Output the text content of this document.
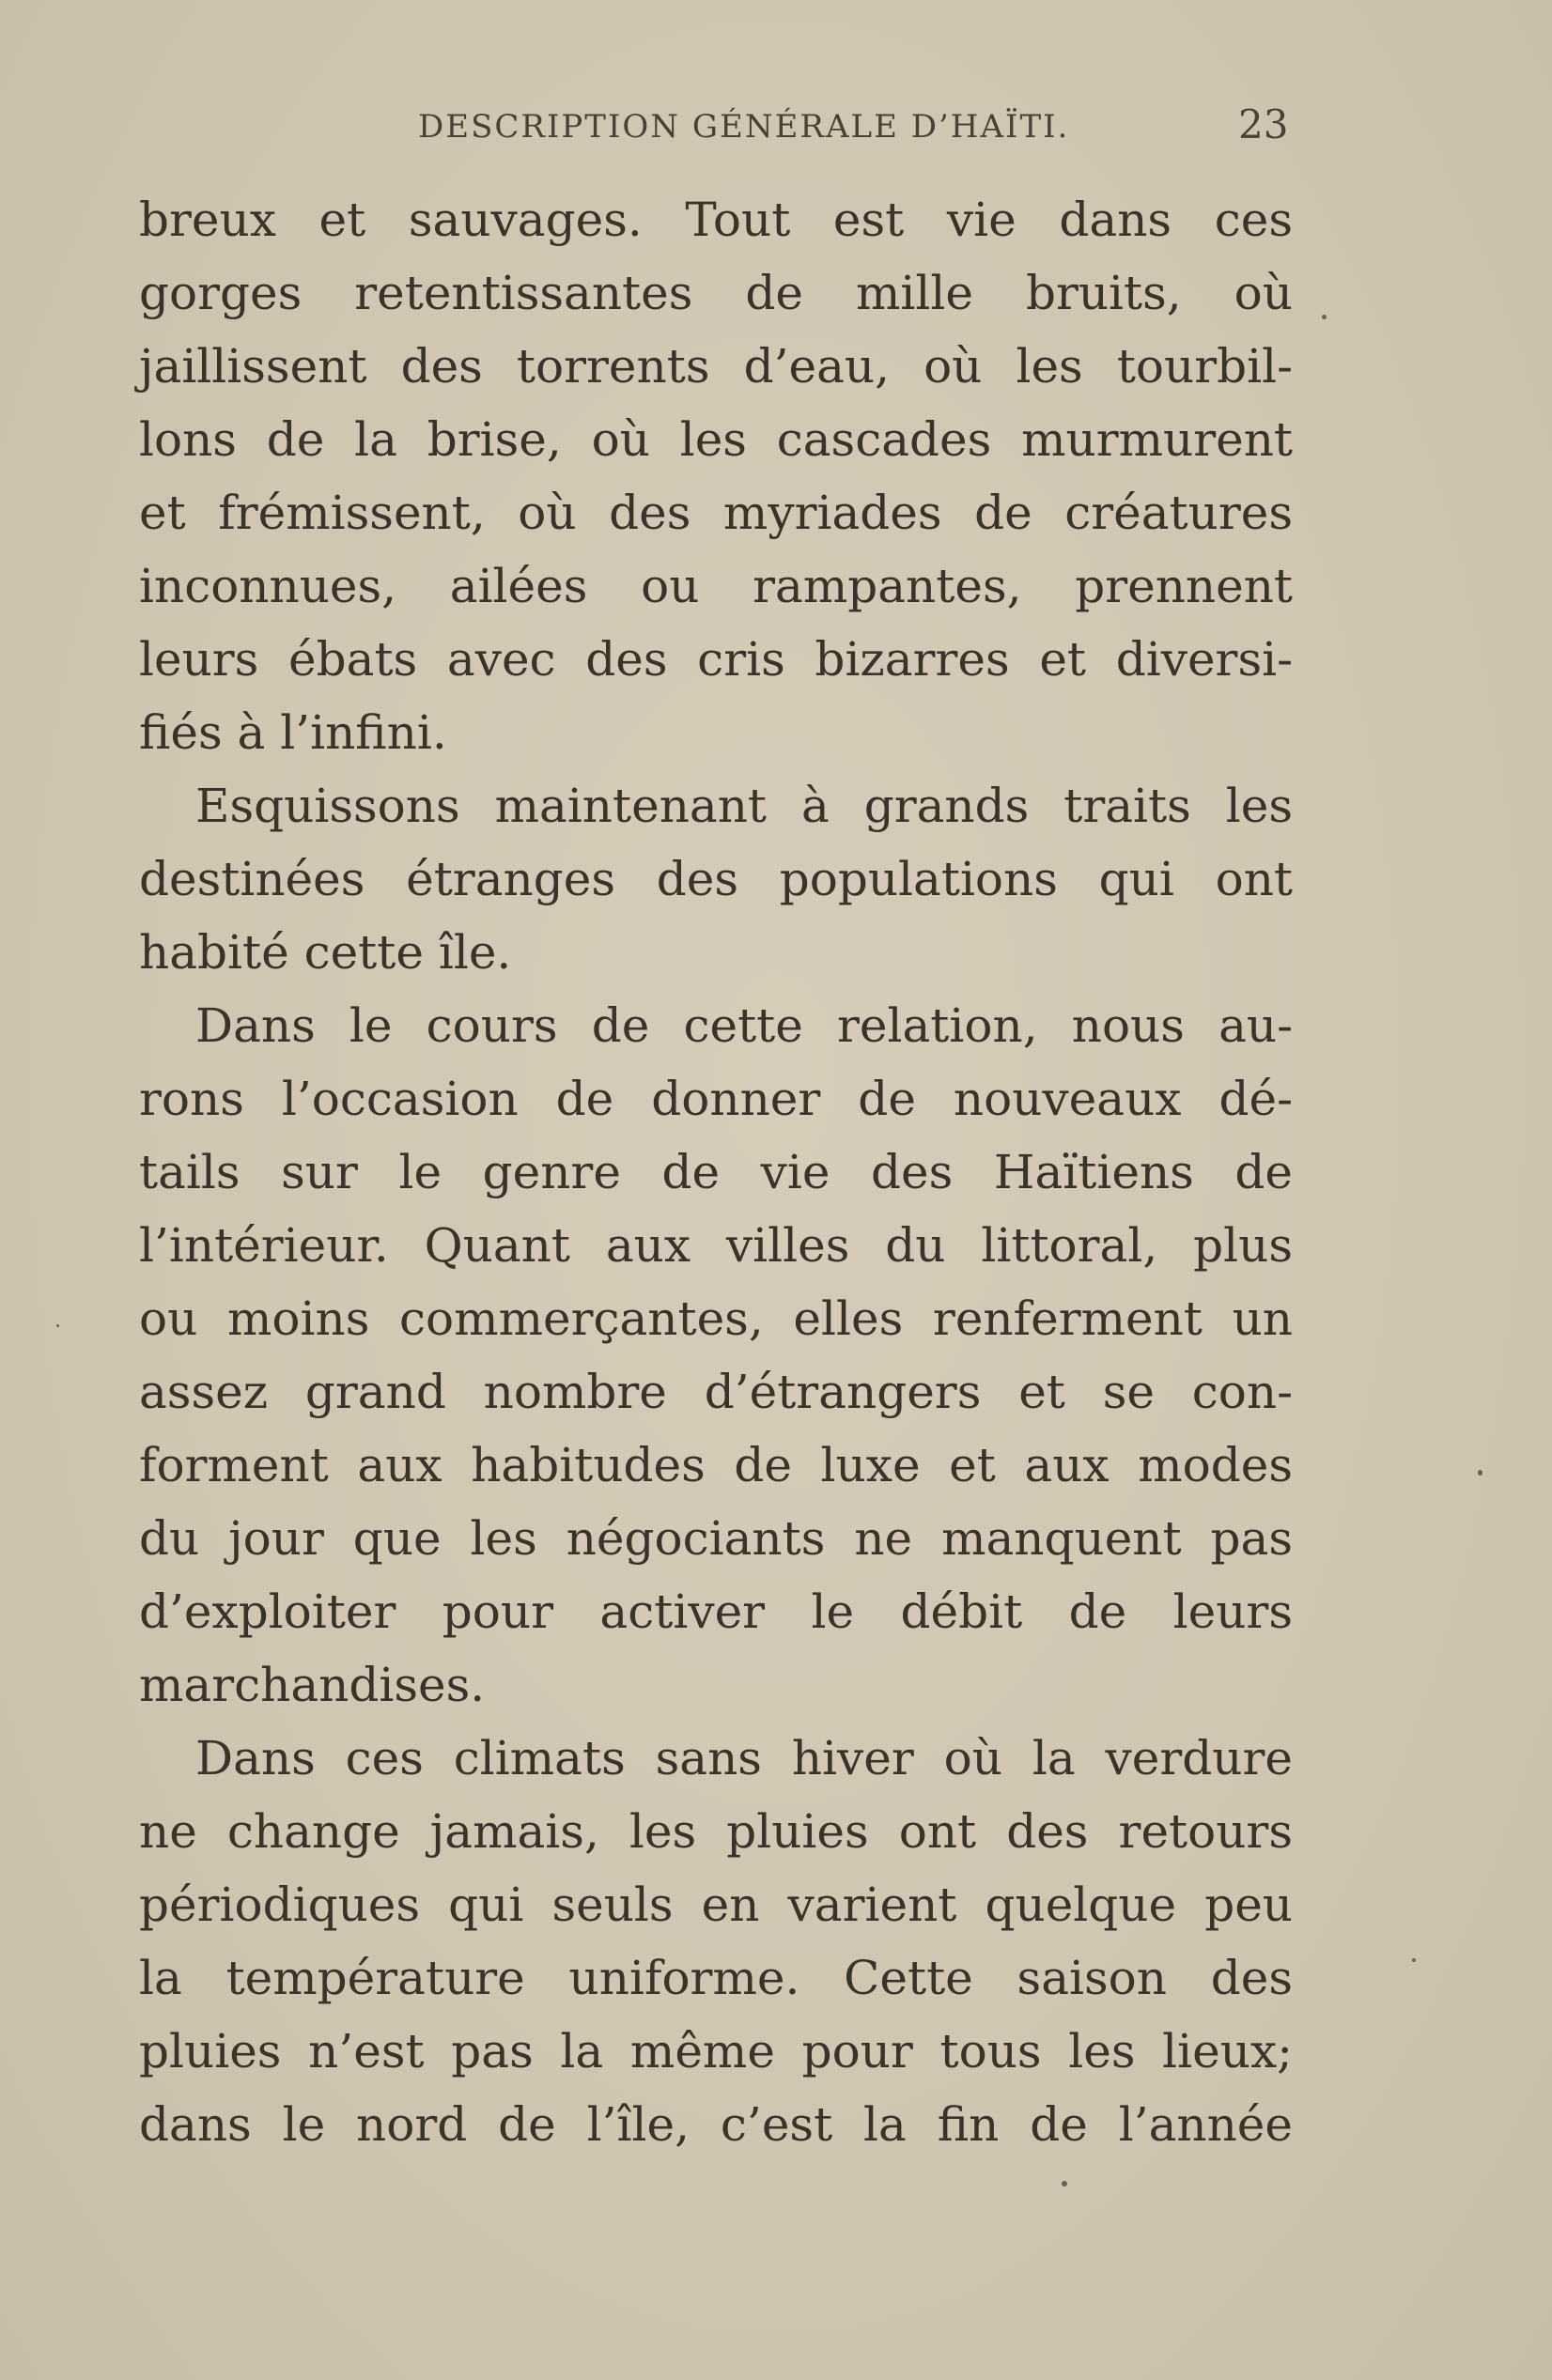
DESCRIPTION GÉNÉRALE D’HAÏTI.	23
breux et sauvages. Tout est vie dans ces
gorges retentissantes de mille bruits, où
jaillissent des torrents d’eau, où les tourbil-
lons de la brise, où les cascades murmurent
et frémissent, où des myriades de créatures
inconnues, ailées ou rampantes, prennent
leurs ébats avec des cris bizarres et diversi-
fiés à l’infini.
Esquissons maintenant à grands traits les
destinées étranges des populations qui ont
habité cette île.
Dans le cours de cette relation, nous au-
rons l’occasion de donner de nouveaux dé-
tails sur le genre de vie des Haïtiens de
l’intérieur. Quant aux villes du littoral, plus
ou moins commerçantes, elles renferment un
assez grand nombre d’étrangers et se con-
forment aux habitudes de luxe et aux modes
du jour que les négociants ne manquent pas
d’exploiter pour activer le débit de leurs
marchandises.
Dans ces climats sans hiver où la verdure
ne change jamais, les pluies ont des retours
périodiques qui seuls en varient quelque peu
la température uniforme. Cette saison des
pluies n’est pas la même pour tous les lieux;
dans le nord de l’île, c’est la fin de l’année
